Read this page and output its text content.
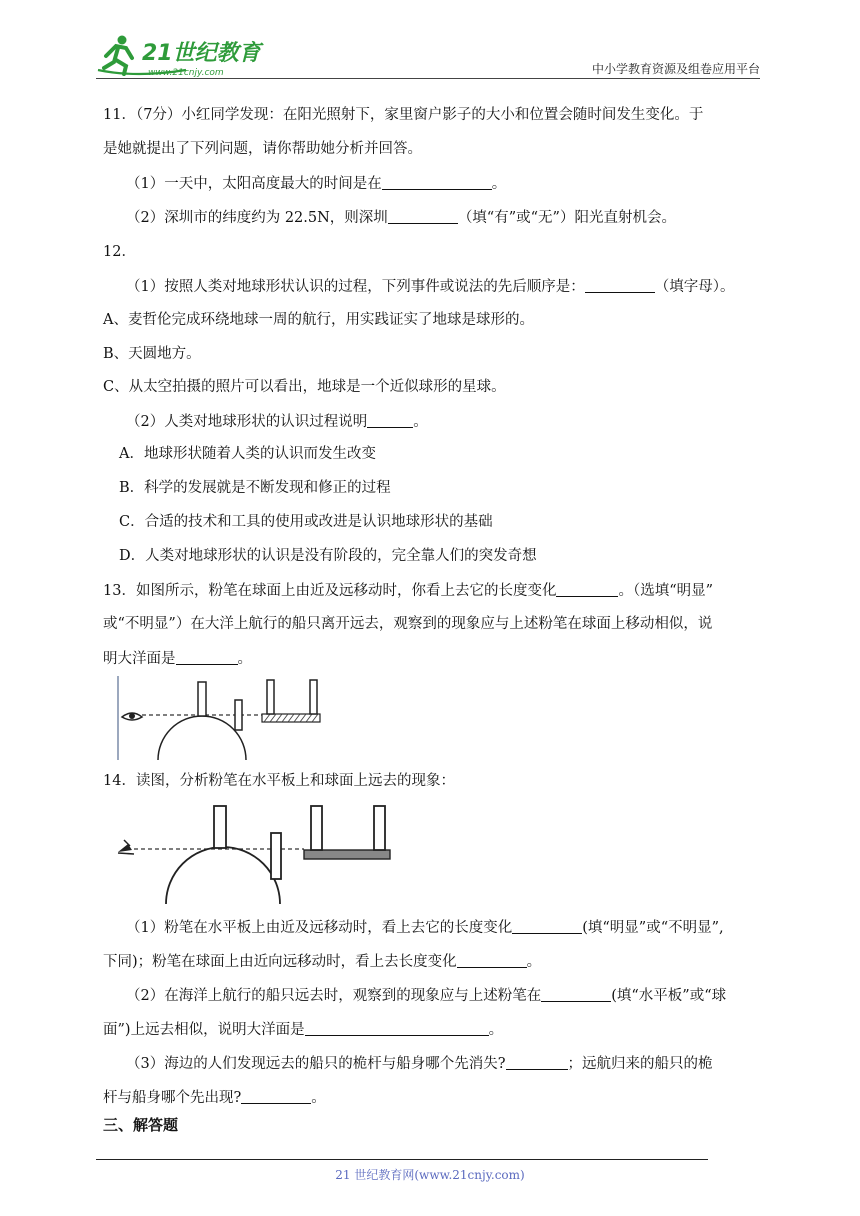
21世纪教育
www.21cnjy.com	中小学教育资源及组卷应用平台
11．（7分）小红同学发现：在阳光照射下，家里窗户影子的大小和位置会随时间发生变化。于
是她就提出了下列问题，请你帮助她分析并回答。
（1）一天中，太阳高度最大的时间是在	。
（2）深圳市的纬度约为 22.5N，则深圳	（填“有”或“无”）阳光直射机会。
12．
（1）按照人类对地球形状认识的过程，下列事件或说法的先后顺序是：	（填字母）。
A、麦哲伦完成环绕地球一周的航行，用实践证实了地球是球形的。
B、天圆地方。
C、从太空拍摄的照片可以看出，地球是一个近似球形的星球。
（2）人类对地球形状的认识过程说明	。
A．地球形状随着人类的认识而发生改变
B．科学的发展就是不断发现和修正的过程
C．合适的技术和工具的使用或改进是认识地球形状的基础
D．人类对地球形状的认识是没有阶段的，完全靠人们的突发奇想
13．如图所示，粉笔在球面上由近及远移动时，你看上去它的长度变化	。（选填“明显”
或“不明显”）在大洋上航行的船只离开远去，观察到的现象应与上述粉笔在球面上移动相似，说
明大洋面是	。
14．读图，分析粉笔在水平板上和球面上远去的现象：
（1）粉笔在水平板上由近及远移动时，看上去它的长度变化	(填“明显”或“不明显”,
下同)；粉笔在球面上由近向远移动时，看上去长度变化	。
（2）在海洋上航行的船只远去时，观察到的现象应与上述粉笔在	(填“水平板”或“球
面”)上远去相似，说明大洋面是	。
（3）海边的人们发现远去的船只的桅杆与船身哪个先消失?	；远航归来的船只的桅
杆与船身哪个先出现?	。
三、解答题
21 世纪教育网(www.21cnjy.com)
